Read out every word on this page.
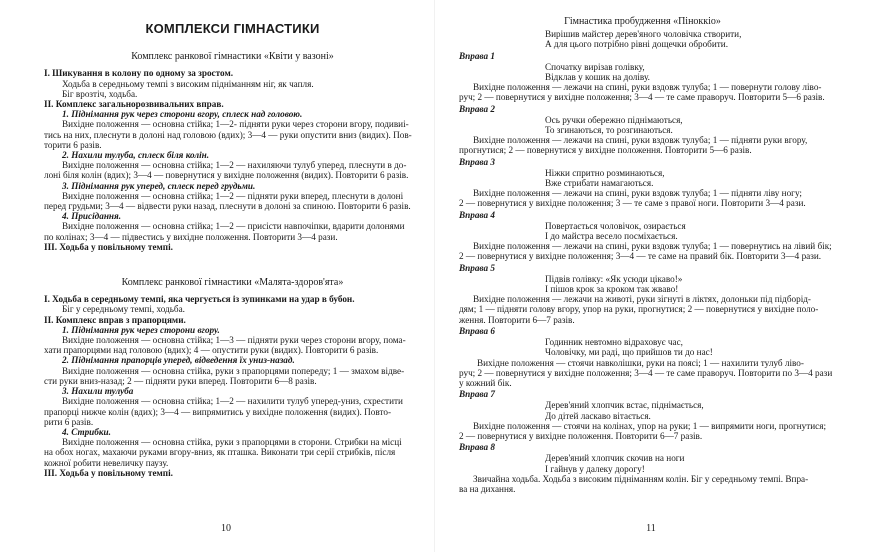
КОМПЛЕКСИ ГІМНАСТИКИ
Комплекс ранкової гімнастики «Квіти у вазоні»
I. Шикування в колону по одному за зростом.
Ходьба в середньому темпі з високим підніманням ніг, як чапля.
Біг врозтіч, ходьба.
II. Комплекс загальнорозвивальних вправ.
1. Піднімання рук через сторони вгору, сплеск над головою.
Вихідне положення — основна стійка; 1—2- підняти руки через сторони вгору, подивиі-
тись на них, плеснути в долоні над головою (вдих); 3—4 — руки опустити вниз (видих). Пов-
торити 6 разів.
2. Нахили тулуба, сплеск біля колін.
Вихідне положення — основна стійка; 1—2 — нахиляючи тулуб уперед, плеснути в до-
лоні біля колін (вдих); 3—4 — повернутися у вихідне положення (видих). Повторити 6 разів.
3. Піднімання рук уперед, сплеск перед грудьми.
Вихідне положення — основна стійка; 1—2 — підняти руки вперед, плеснути в долоні
перед грудьми; 3—4 — відвести руки назад, плеснути в долоні за спиною. Повторити 6 разів.
4. Присідання.
Вихідне положення — основна стійка; 1—2 — присісти навпочіпки, вдарити долонями
по колінах; 3—4 — підвестись у вихідне положення. Повторити 3—4 рази.
III. Ходьба у повільному темпі.
Комплекс ранкової гімнастики «Малята-здоров'ята»
I. Ходьба в середньому темпі, яка чергується із зупинками на удар в бубон.
Біг у середньому темпі, ходьба.
II. Комплекс вправ з прапорцями.
1. Піднімання рук через сторони вгору.
Вихідне положення — основна стійка; 1—3 — підняти руки через сторони вгору, пома-
хати прапорцями над головою (вдих); 4 — опустити руки (видих). Повторити 6 разів.
2. Піднімання прапорців уперед, відведення їх униз-назад.
Вихідне положення — основна стійка, руки з прапорцями попереду; 1 — змахом відве-
сти руки вниз-назад; 2 — підняти руки вперед. Повторити 6—8 разів.
3. Нахили тулуба
Вихідне положення — основна стійка; 1—2 — нахилити тулуб уперед-униз, схрестити
прапорці нижче колін (вдих); 3—4 — випрямитись у вихідне положення (видих). Повто-
рити 6 разів.
4. Стрибки.
Вихідне положення — основна стійка, руки з прапорцями в сторони. Стрибки на місці
на обох ногах, махаючи руками вгору-вниз, як пташка. Виконати три серії стрибків, після
кожної робити невеличку паузу.
III. Ходьба у повільному темпі.
10
Гімнастика пробудження «Піноккіо»
Вирішив майстер дерев'яного чоловічка створити,
А для цього потрібно рівні дощечки обробити.
Вправа 1
Спочатку вирізав голівку,
Відклав у кошик на доліву.
Вихідне положення — лежачи на спині, руки вздовж тулуба; 1 — повернути голову ліво-
руч; 2 — повернутися у вихідне положення; 3—4 — те саме праворуч. Повторити 5—6 разів.
Вправа 2
Ось ручки обережно піднімаються,
То згинаються, то розгинаються.
Вихідне положення — лежачи на спині, руки вздовж тулуба; 1 — підняти руки вгору,
прогнутися; 2 — повернутися у вихідне положення. Повторити 5—6 разів.
Вправа 3
Ніжки спритно розминаються,
Вже стрибати намагаються.
Вихідне положення — лежачи на спині, руки вздовж тулуба; 1 — підняти ліву ногу;
2 — повернутися у вихідне положення; 3 — те саме з правої ноги. Повторити 3—4 рази.
Вправа 4
Повертається чоловічок, озирається
І до майстра весело посміхається.
Вихідне положення — лежачи на спині, руки вздовж тулуба; 1 — повернутись на лівий бік;
2 — повернутися у вихідне положення; 3—4 — те саме на правий бік. Повторити 3—4 рази.
Вправа 5
Підвів голівку: «Як усюди цікаво!»
І пішов крок за кроком так жваво!
Вихідне положення — лежачи на животі, руки зігнуті в ліктях, долоньки під підборід-
дям; 1 — підняти голову вгору, упор на руки, прогнутися; 2 — повернутися у вихідне поло-
ження. Повторити 6—7 разів.
Вправа 6
Годинник невтомно відраховує час,
Чоловічку, ми раді, що прийшов ти до нас!
Вихідне положення — стоячи навколішки, руки на поясі; 1 — нахилити тулуб ліво-
руч; 2 — повернутися у вихідне положення; 3—4 — те саме праворуч. Повторити по 3—4 рази
у кожний бік.
Вправа 7
Дерев'яний хлопчик встає, піднімається,
До дітей ласкаво вітається.
Вихідне положення — стоячи на колінах, упор на руки; 1 — випрямити ноги, прогнутися;
2 — повернутися у вихідне положення. Повторити 6—7 разів.
Вправа 8
Дерев'яний хлопчик скочив на ноги
І гайнув у далеку дорогу!
Звичайна ходьба. Ходьба з високим підніманням колін. Біг у середньому темпі. Впра-
ва на дихання.
11
